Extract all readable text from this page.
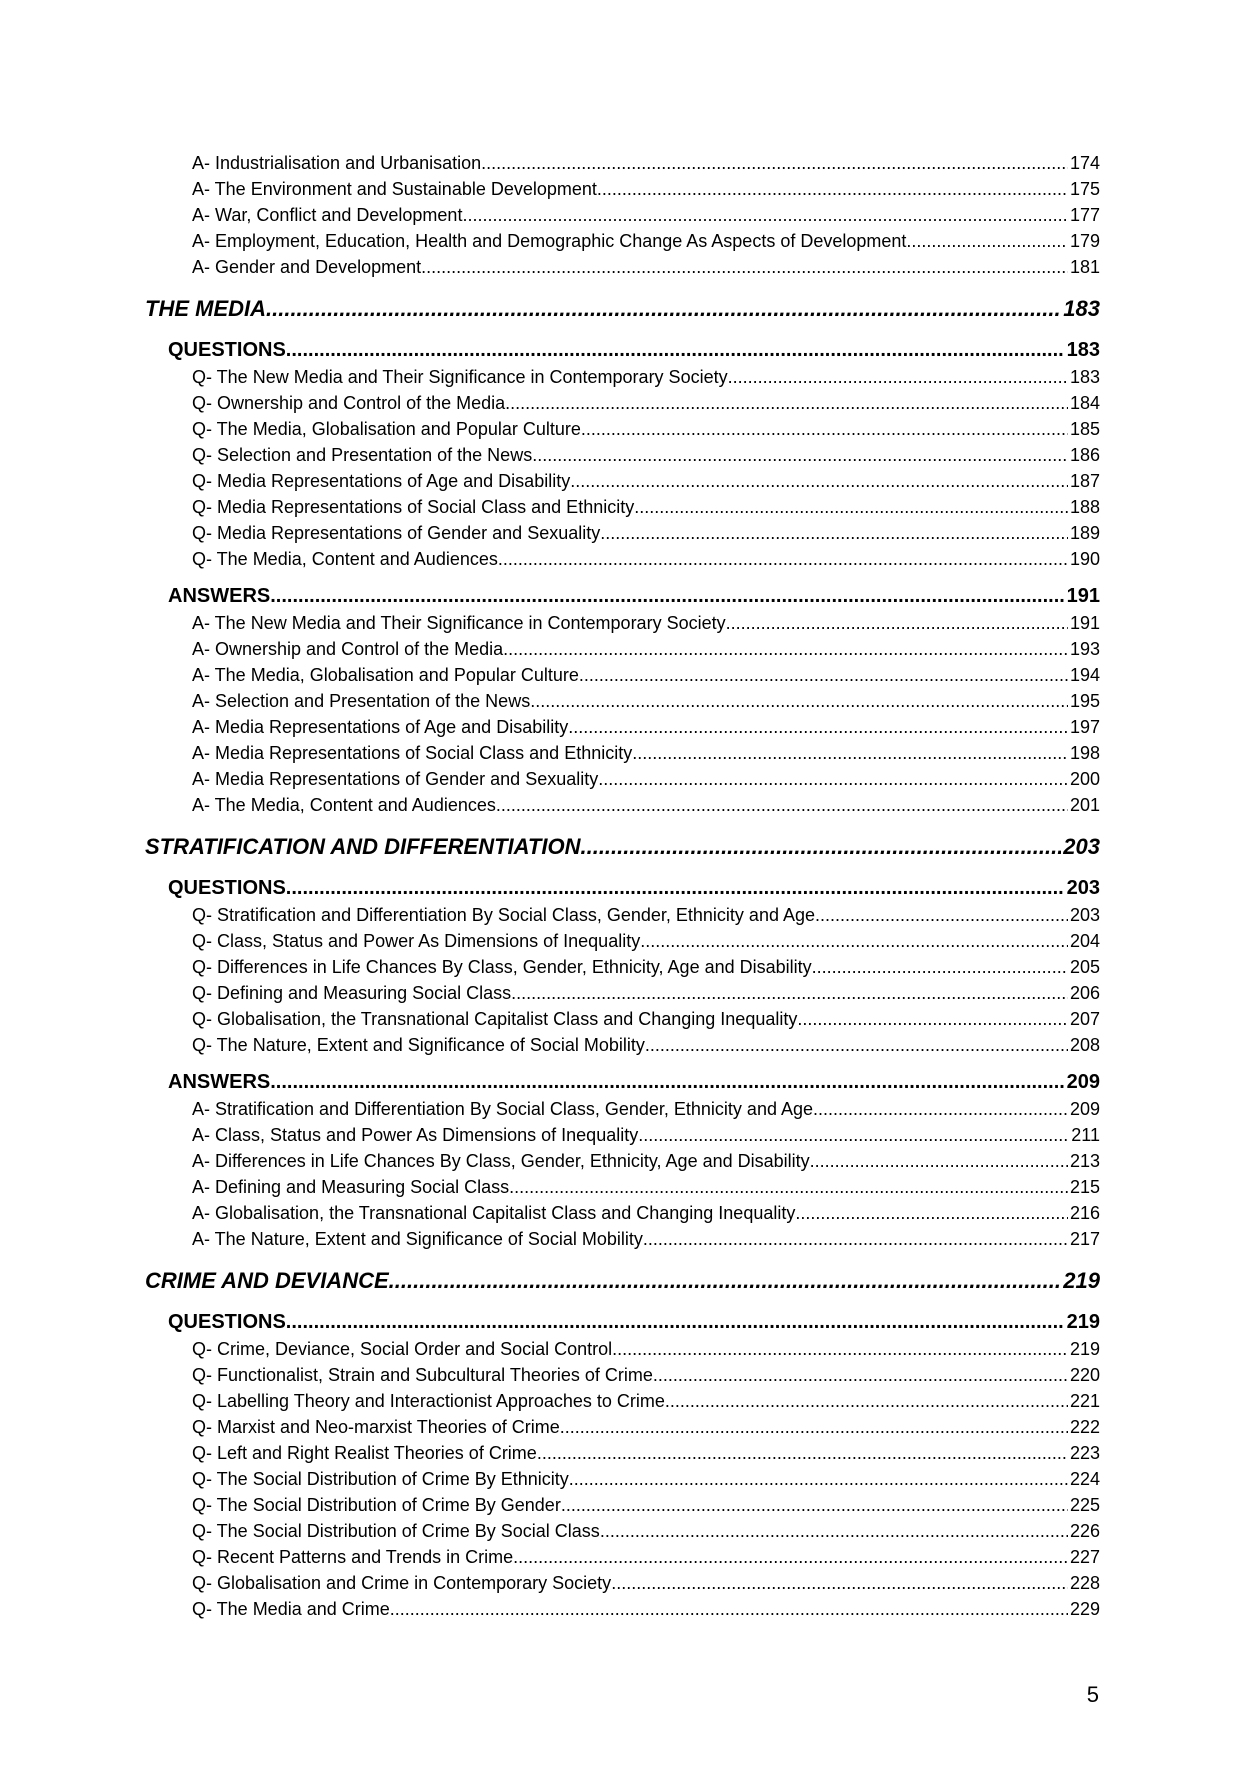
A- Industrialisation and Urbanisation .....	174
A- The Environment and Sustainable Development .....	175
A- War, Conflict and Development .....	177
A- Employment, Education, Health and Demographic Change As Aspects of Development .....	179
A- Gender and Development .....	181
THE MEDIA .....	183
QUESTIONS .....	183
Q- The New Media and Their Significance in Contemporary Society .....	183
Q- Ownership and Control of the Media .....	184
Q- The Media, Globalisation and Popular Culture .....	185
Q- Selection and Presentation of the News .....	186
Q- Media Representations of Age and Disability .....	187
Q- Media Representations of Social Class and Ethnicity .....	188
Q- Media Representations of Gender and Sexuality .....	189
Q- The Media, Content and Audiences .....	190
ANSWERS .....	191
A- The New Media and Their Significance in Contemporary Society .....	191
A- Ownership and Control of the Media .....	193
A- The Media, Globalisation and Popular Culture .....	194
A- Selection and Presentation of the News .....	195
A- Media Representations of Age and Disability .....	197
A- Media Representations of Social Class and Ethnicity .....	198
A- Media Representations of Gender and Sexuality .....	200
A- The Media, Content and Audiences .....	201
STRATIFICATION AND DIFFERENTIATION .....	203
QUESTIONS .....	203
Q- Stratification and Differentiation By Social Class, Gender, Ethnicity and Age .....	203
Q- Class, Status and Power As Dimensions of Inequality .....	204
Q- Differences in Life Chances By Class, Gender, Ethnicity, Age and Disability .....	205
Q- Defining and Measuring Social Class .....	206
Q- Globalisation, the Transnational Capitalist Class and Changing Inequality .....	207
Q- The Nature, Extent and Significance of Social Mobility .....	208
ANSWERS .....	209
A- Stratification and Differentiation By Social Class, Gender, Ethnicity and Age .....	209
A- Class, Status and Power As Dimensions of Inequality .....	211
A- Differences in Life Chances By Class, Gender, Ethnicity, Age and Disability .....	213
A- Defining and Measuring Social Class .....	215
A- Globalisation, the Transnational Capitalist Class and Changing Inequality .....	216
A- The Nature, Extent and Significance of Social Mobility .....	217
CRIME AND DEVIANCE .....	219
QUESTIONS .....	219
Q- Crime, Deviance, Social Order and Social Control .....	219
Q- Functionalist, Strain and Subcultural Theories of Crime .....	220
Q- Labelling Theory and Interactionist Approaches to Crime .....	221
Q- Marxist and Neo-marxist Theories of Crime .....	222
Q- Left and Right Realist Theories of Crime .....	223
Q- The Social Distribution of Crime By Ethnicity .....	224
Q- The Social Distribution of Crime By Gender .....	225
Q- The Social Distribution of Crime By Social Class .....	226
Q- Recent Patterns and Trends in Crime .....	227
Q- Globalisation and Crime in Contemporary Society .....	228
Q- The Media and Crime .....	229
5
